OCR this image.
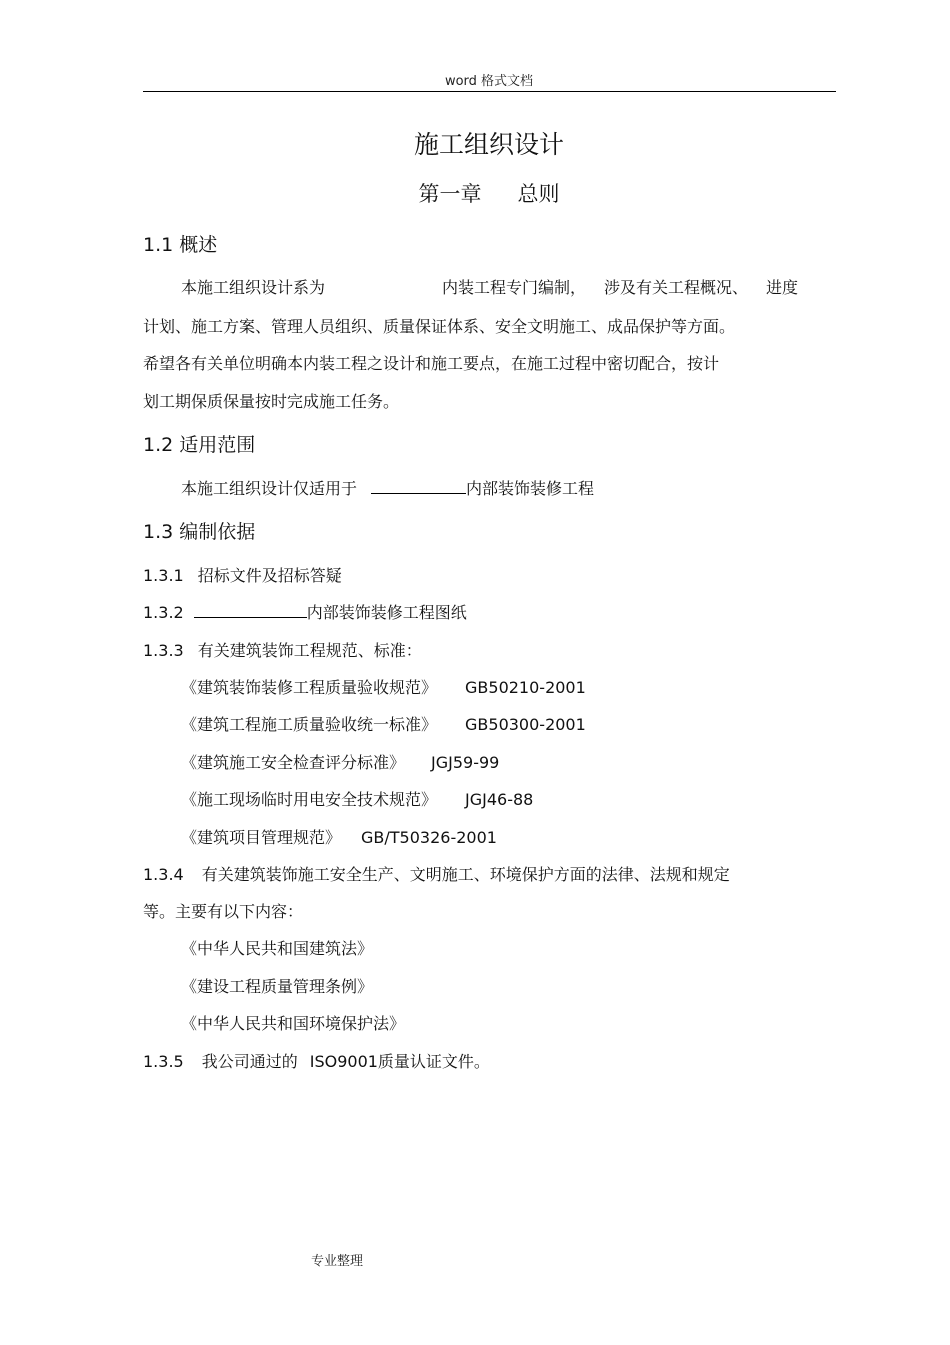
word 格式文档
施工组织设计
第一章 总则
1.1 概述
本施工组织设计系为	内装工程专门编制， 涉及有关工程概况、 进度
计划、施工方案、管理人员组织、质量保证体系、安全文明施工、成品保护等方面。
希望各有关单位明确本内装工程之设计和施工要点，在施工过程中密切配合，按计
划工期保质保量按时完成施工任务。
1.2 适用范围
本施工组织设计仅适用于	内部装饰装修工程
1.3 编制依据
1.3.1 招标文件及招标答疑
1.3.2	内部装饰装修工程图纸
1.3.3 有关建筑装饰工程规范、标准：
《建筑装饰装修工程质量验收规范》 GB50210-2001
《建筑工程施工质量验收统一标准》 GB50300-2001
《建筑施工安全检查评分标准》 JGJ59-99
《施工现场临时用电安全技术规范》 JGJ46-88
《建筑项目管理规范》 GB/T50326-2001
1.3.4 有关建筑装饰施工安全生产、文明施工、环境保护方面的法律、法规和规定
等。主要有以下内容：
《中华人民共和国建筑法》
《建设工程质量管理条例》
《中华人民共和国环境保护法》
1.3.5 我公司通过的 ISO9001质量认证文件。
专业整理
